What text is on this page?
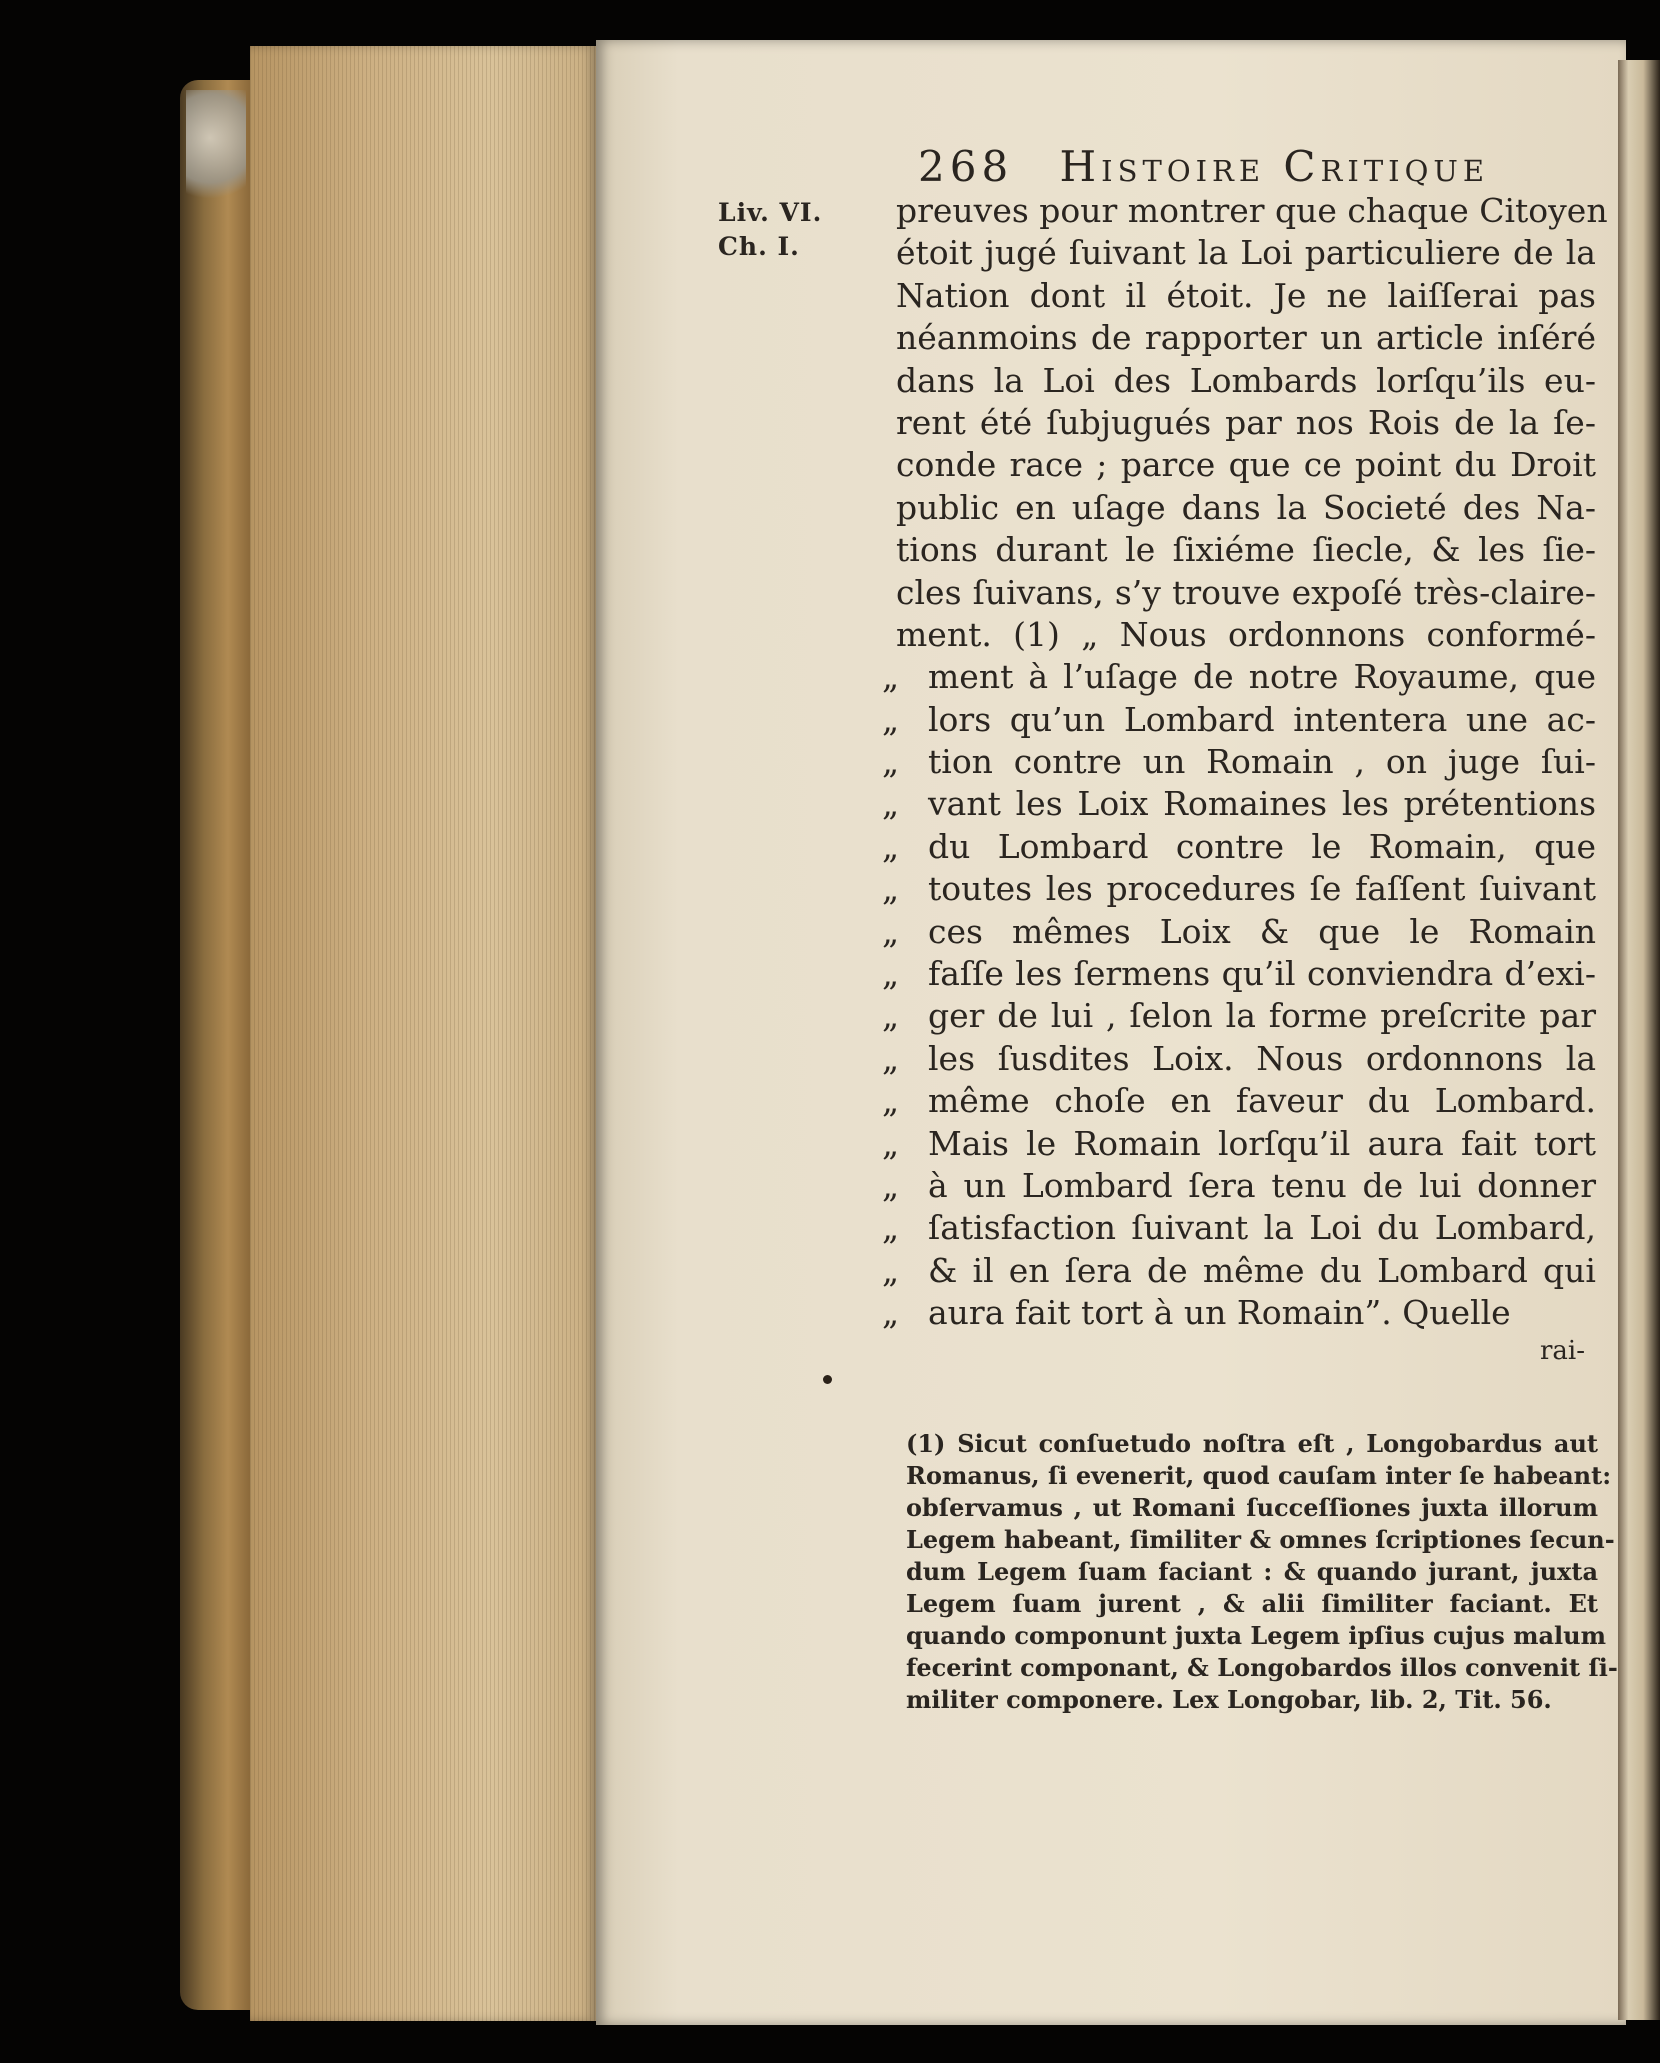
268 Histoire Critique
Liv. VI.
Ch. I.
preuves pour montrer que chaque Citoyen
étoit jugé ſuivant la Loi particuliere de la
Nation dont il étoit. Je ne laiſſerai pas
néanmoins de rapporter un article inſéré
dans la Loi des Lombards lorſqu’ils eu-
rent été ſubjugués par nos Rois de la ſe-
conde race ; parce que ce point du Droit
public en uſage dans la Societé des Na-
tions durant le ſixiéme ſiecle, & les ſie-
cles ſuivans, s’y trouve expoſé très-claire-
ment. (1) „ Nous ordonnons conformé-
„ ment à l’uſage de notre Royaume, que
„ lors qu’un Lombard intentera une ac-
„ tion contre un Romain , on juge ſui-
„ vant les Loix Romaines les prétentions
„ du Lombard contre le Romain, que
„ toutes les procedures ſe faſſent ſuivant
„ ces mêmes Loix & que le Romain
„ faſſe les ſermens qu’il conviendra d’exi-
„ ger de lui , ſelon la forme preſcrite par
„ les ſusdites Loix. Nous ordonnons la
„ même choſe en faveur du Lombard.
„ Mais le Romain lorſqu’il aura fait tort
„ à un Lombard ſera tenu de lui donner
„ ſatisfaction ſuivant la Loi du Lombard,
„ & il en ſera de même du Lombard qui
„ aura fait tort à un Romain”. Quelle
rai-
(1) Sicut conſuetudo noſtra eſt , Longobardus aut
Romanus, ſi evenerit, quod cauſam inter ſe habeant:
obſervamus , ut Romani ſucceſſiones juxta illorum
Legem habeant, ſimiliter & omnes ſcriptiones ſecun-
dum Legem ſuam faciant : & quando jurant, juxta
Legem ſuam jurent , & alii ſimiliter faciant. Et
quando componunt juxta Legem ipſius cujus malum
fecerint componant, & Longobardos illos convenit ſi-
militer componere. Lex Longobar, lib. 2, Tit. 56.
